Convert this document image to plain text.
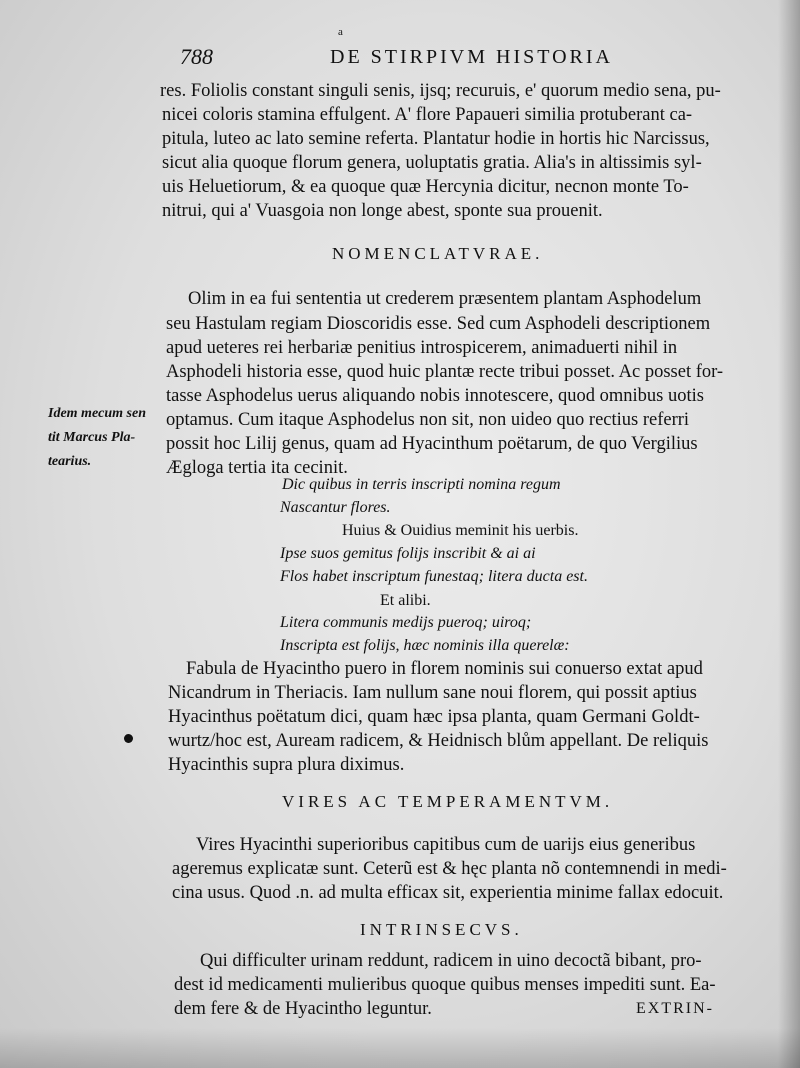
a
788	DE STIRPIVM HISTORIA
res. Foliolis constant singuli senis, ijsq; recuruis, e' quorum medio sena, pu-
nicei coloris stamina effulgent. A' flore Papaueri similia protuberant ca-
pitula, luteo ac lato semine referta. Plantatur hodie in hortis hic Narcissus,
sicut alia quoque florum genera, uoluptatis gratia. Alia's in altissimis syl-
uis Heluetiorum, & ea quoque quæ Hercynia dicitur, necnon monte To-
nitrui, qui a' Vuasgoia non longe abest, sponte sua prouenit.
NOMENCLATVRAE.
Olim in ea fui sententia ut crederem præsentem plantam Asphodelum
seu Hastulam regiam Dioscoridis esse. Sed cum Asphodeli descriptionem
apud ueteres rei herbariæ penitius introspicerem, animaduerti nihil in
Asphodeli historia esse, quod huic plantæ recte tribui posset. Ac posset for-
tasse Asphodelus uerus aliquando nobis innotescere, quod omnibus uotis
optamus. Cum itaque Asphodelus non sit, non uideo quo rectius referri
possit hoc Lilij genus, quam ad Hyacinthum poëtarum, de quo Vergilius
Ægloga tertia ita cecinit.
Idem mecum sen
tit Marcus Pla-
tearius.
Dic quibus in terris inscripti nomina regum
Nascantur flores.
Huius & Ouidius meminit his uerbis.
Ipse suos gemitus folijs inscribit & ai ai
Flos habet inscriptum funestaq; litera ducta est.
Et alibi.
Litera communis medijs pueroq; uiroq;
Inscripta est folijs, hæc nominis illa querelæ:
Fabula de Hyacintho puero in florem nominis sui conuerso extat apud
Nicandrum in Theriacis. Iam nullum sane noui florem, qui possit aptius
Hyacinthus poëtatum dici, quam hæc ipsa planta, quam Germani Goldt-
wurtz/hoc est, Auream radicem, & Heidnisch blům appellant. De reliquis
Hyacinthis supra plura diximus.
VIRES AC TEMPERAMENTVM.
Vires Hyacinthi superioribus capitibus cum de uarijs eius generibus
ageremus explicatæ sunt. Ceterũ est & hęc planta nõ contemnendi in medi-
cina usus. Quod .n. ad multa efficax sit, experientia minime fallax edocuit.
INTRINSECVS.
Qui difficulter urinam reddunt, radicem in uino decoctã bibant, pro-
dest id medicamenti mulieribus quoque quibus menses impediti sunt. Ea-
dem fere & de Hyacintho leguntur.	EXTRIN-
